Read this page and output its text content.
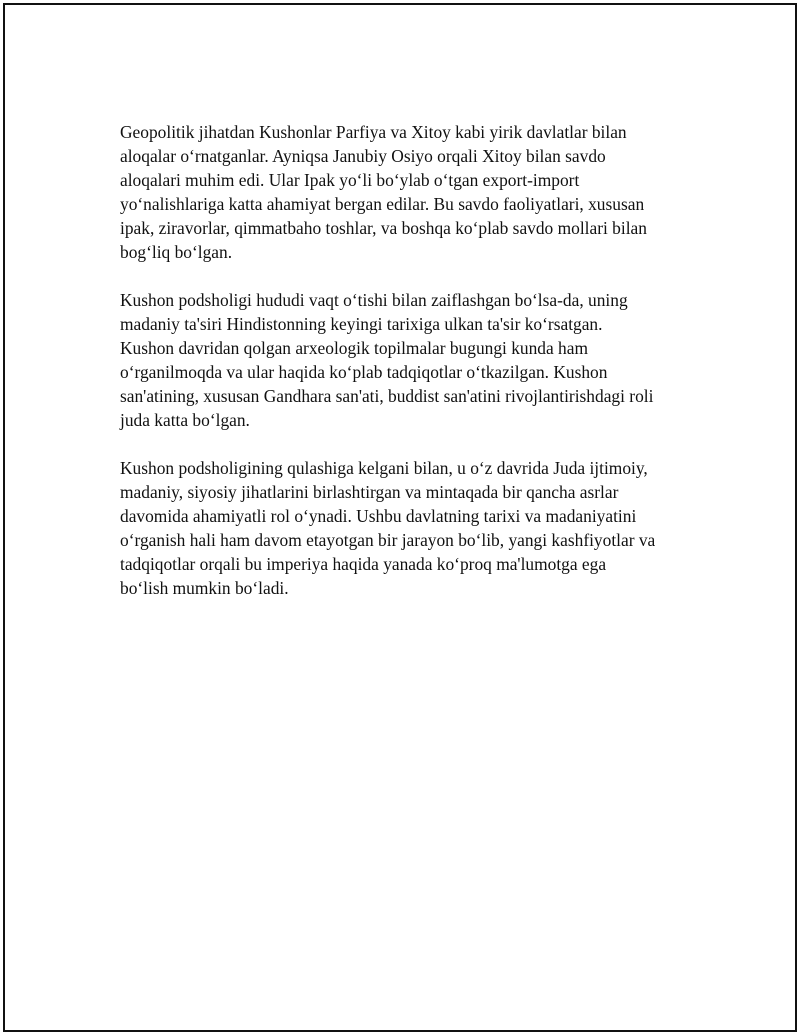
Geopolitik jihatdan Kushonlar Parfiya va Xitoy kabi yirik davlatlar bilan
aloqalar o‘rnatganlar. Ayniqsa Janubiy Osiyo orqali Xitoy bilan savdo
aloqalari muhim edi. Ular Ipak yo‘li bo‘ylab o‘tgan export-import
yo‘nalishlariga katta ahamiyat bergan edilar. Bu savdo faoliyatlari, xususan
ipak, ziravorlar, qimmatbaho toshlar, va boshqa ko‘plab savdo mollari bilan
bog‘liq bo‘lgan.

Kushon podsholigi hududi vaqt o‘tishi bilan zaiflashgan bo‘lsa-da, uning
madaniy ta'siri Hindistonning keyingi tarixiga ulkan ta'sir ko‘rsatgan.
Kushon davridan qolgan arxeologik topilmalar bugungi kunda ham
o‘rganilmoqda va ular haqida ko‘plab tadqiqotlar o‘tkazilgan. Kushon
san'atining, xususan Gandhara san'ati, buddist san'atini rivojlantirishdagi roli
juda katta bo‘lgan.

Kushon podsholigining qulashiga kelgani bilan, u o‘z davrida Juda ijtimoiy,
madaniy, siyosiy jihatlarini birlashtirgan va mintaqada bir qancha asrlar
davomida ahamiyatli rol o‘ynadi. Ushbu davlatning tarixi va madaniyatini
o‘rganish hali ham davom etayotgan bir jarayon bo‘lib, yangi kashfiyotlar va
tadqiqotlar orqali bu imperiya haqida yanada ko‘proq ma'lumotga ega
bo‘lish mumkin bo‘ladi.
